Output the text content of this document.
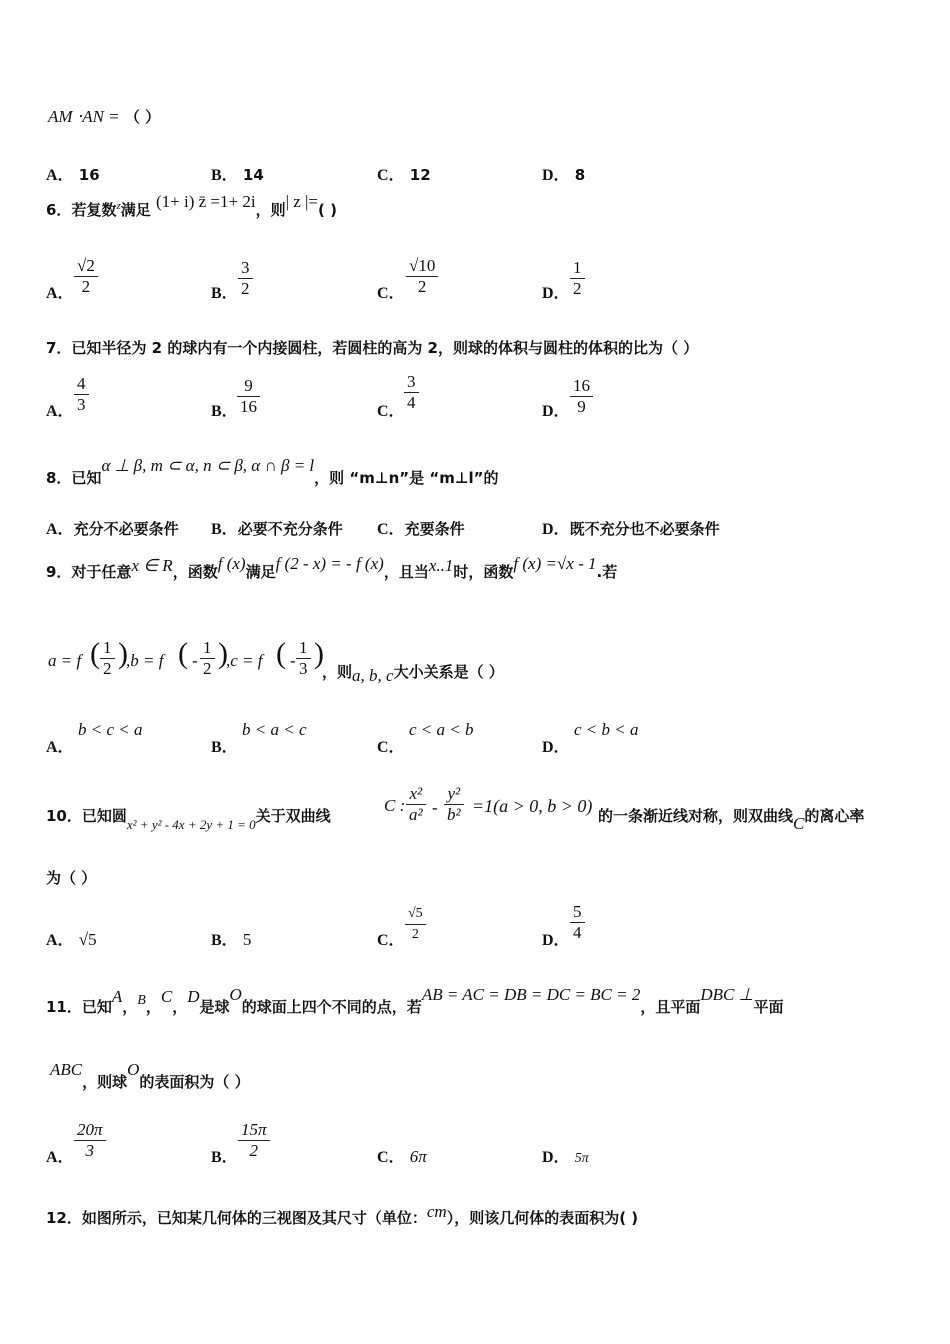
AM ⋅AN = （ ）
A． 16	B． 14	C． 12	D． 8
6．若复数$^z$满足 (1+ i) z̄ =1+ 2i，则| z |=( )
A．
√2
2	B．
3
2	C．
√10
2	D．
1
2
7．已知半径为 2 的球内有一个内接圆柱，若圆柱的高为 2，则球的体积与圆柱的体积的比为（ ）
A．
4
3	B．
9
16	C．
3
4	D．
16
9
8．已知α ⊥ β, m ⊂ α, n ⊂ β, α ∩ β = l，则 “m⊥n”是 “m⊥l”的
A．充分不必要条件 B．必要不充分条件 C．充要条件	D．既不充分也不必要条件
9．对于任意x ∈ R，函数f (x)满足f (2 - x) = - f (x)，且当x..1时，函数f (x) =√x - 1.若
a = f ( 1
2 )
,b = f ( -
1
2 )
,c = f ( -
1
3 )
，则a, b, c大小关系是（ ）
A．
b < c < a
B．
b < a < c
C．
c < a < b
D．
c < b < a
10．已知圆x² + y² - 4x + 2y + 1 = 0关于双曲线
C :
x²
a² -
y²
b² =1(a > 0, b > 0) 的一条渐近线对称，则双曲线C的离心率
为（ ）
A． √5	B． 5	C．
√5
2	D．
5
4
11．已知A，B，C，D是球O的球面上四个不同的点，若AB = AC = DB = DC = BC = 2，且平面DBC ⊥平面
ABC，则球O的表面积为（ ）
A．
20π
3	B．
15π
2	C． 6π	D． 5π
12．如图所示，已知某几何体的三视图及其尺寸（单位：cm），则该几何体的表面积为( )
